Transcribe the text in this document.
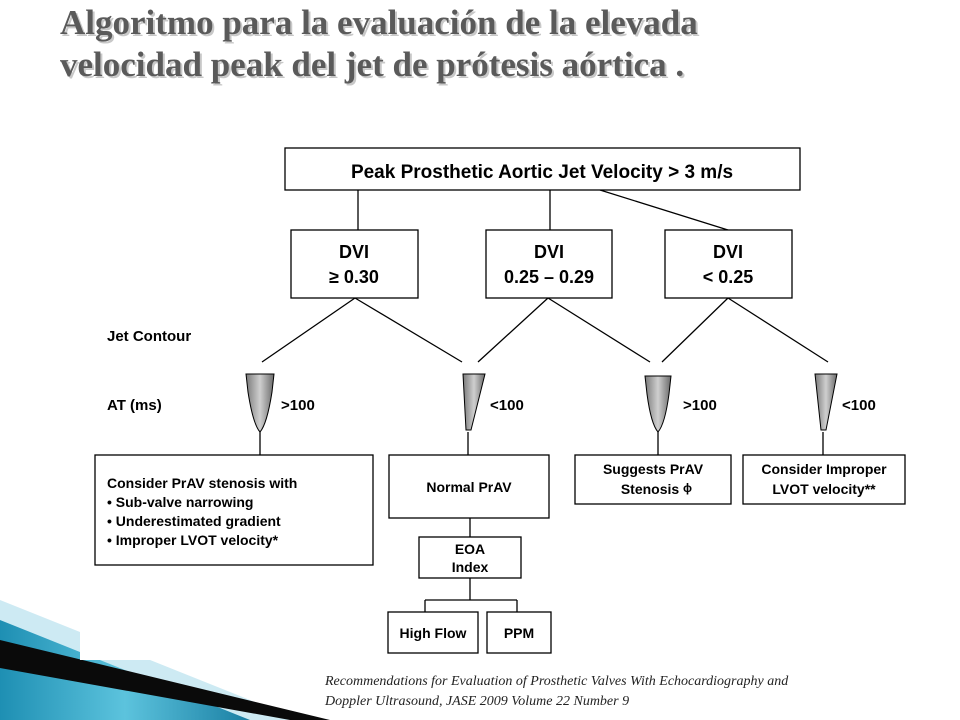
Algoritmo para la evaluación de la elevada
velocidad peak del jet de prótesis aórtica .
Peak Prosthetic Aortic Jet Velocity > 3 m/s
DVI
≥ 0.30
DVI
0.25 – 0.29
DVI
< 0.25
Jet Contour
AT (ms)	>100	<100	>100	<100
Consider PrAV stenosis with
• Sub-valve narrowing
• Underestimated gradient
• Improper LVOT velocity*
Normal PrAV
Suggests PrAV
Stenosis ϕ
Consider Improper
LVOT velocity**
EOA
Index
High Flow	PPM

Recommendations for Evaluation of Prosthetic Valves With Echocardiography and
Doppler Ultrasound, JASE 2009 Volume 22 Number 9
